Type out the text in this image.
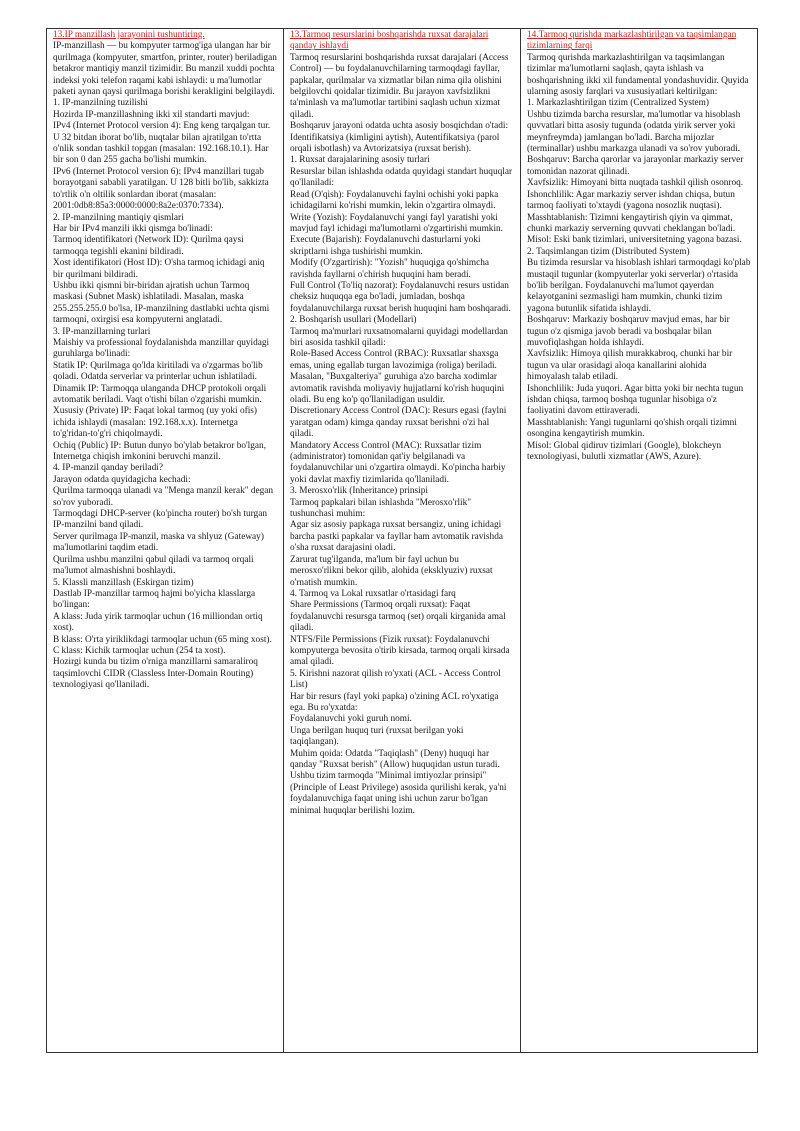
13.IP manzillash jarayonini tushuntiring.
IP-manzillash — bu kompyuter tarmog'iga ulangan har bir qurilmaga (kompyuter, smartfon, printer, router) beriladigan betakror mantiqiy manzil tizimidir. Bu manzil xuddi pochta indeksi yoki telefon raqami kabi ishlaydi: u ma'lumotlar paketi aynan qaysi qurilmaga borishi kerakligini belgilaydi.
1. IP-manzilning tuzilishi
Hozirda IP-manzillashning ikki xil standarti mavjud:
IPv4 (Internet Protocol version 4): Eng keng tarqalgan tur. U 32 bitdan iborat bo'lib, nuqtalar bilan ajratilgan to'rtta o'nlik sondan tashkil topgan (masalan: 192.168.10.1). Har bir son 0 dan 255 gacha bo'lishi mumkin.
IPv6 (Internet Protocol version 6): IPv4 manzillari tugab borayotgani sababli yaratilgan. U 128 bitli bo'lib, sakkizta to'rtlik o'n oltilik sonlardan iborat (masalan: 2001:0db8:85a3:0000:0000:8a2e:0370:7334).
2. IP-manzilning mantiqiy qismlari
Har bir IPv4 manzili ikki qismga bo'linadi:
Tarmoq identifikatori (Network ID): Qurilma qaysi tarmoqqa tegishli ekanini bildiradi.
Xost identifikatori (Host ID): O'sha tarmoq ichidagi aniq bir qurilmani bildiradi.
Ushbu ikki qismni bir-biridan ajratish uchun Tarmoq maskasi (Subnet Mask) ishlatiladi. Masalan, maska 255.255.255.0 bo'lsa, IP-manzilning dastlabki uchta qismi tarmoqni, oxirgisi esa kompyuterni anglatadi.
3. IP-manzillarning turlari
Maishiy va professional foydalanishda manzillar quyidagi guruhlarga bo'linadi:
Statik IP: Qurilmaga qo'lda kiritiladi va o'zgarmas bo'lib qoladi. Odatda serverlar va printerlar uchun ishlatiladi.
Dinamik IP: Tarmoqqa ulanganda DHCP protokoli orqali avtomatik beriladi. Vaqt o'tishi bilan o'zgarishi mumkin.
Xususiy (Private) IP: Faqat lokal tarmoq (uy yoki ofis) ichida ishlaydi (masalan: 192.168.x.x). Internetga to'g'ridan-to'g'ri chiqolmaydi.
Ochiq (Public) IP: Butun dunyo bo'ylab betakror bo'lgan, Internetga chiqish imkonini beruvchi manzil.
4. IP-manzil qanday beriladi?
Jarayon odatda quyidagicha kechadi:
Qurilma tarmoqqa ulanadi va "Menga manzil kerak" degan so'rov yuboradi.
Tarmoqdagi DHCP-server (ko'pincha router) bo'sh turgan IP-manzilni band qiladi.
Server qurilmaga IP-manzil, maska va shlyuz (Gateway) ma'lumotlarini taqdim etadi.
Qurilma ushbu manzilni qabul qiladi va tarmoq orqali ma'lumot almashishni boshlaydi.
5. Klassli manzillash (Eskirgan tizim)
Dastlab IP-manzillar tarmoq hajmi bo'yicha klasslarga bo'lingan:
A klass: Juda yirik tarmoqlar uchun (16 milliondan ortiq xost).
B klass: O'rta yiriklikdagi tarmoqlar uchun (65 ming xost).
C klass: Kichik tarmoqlar uchun (254 ta xost).
Hozirgi kunda bu tizim o'rniga manzillarni samaraliroq taqsimlovchi CIDR (Classless Inter-Domain Routing) texnologiyasi qo'llaniladi.
13.Tarmoq resurslarini boshqarishda ruxsat darajalari qanday ishlaydi
Tarmoq resurslarini boshqarishda ruxsat darajalari (Access Control) — bu foydalanuvchilarning tarmoqdagi fayllar, papkalar, qurilmalar va xizmatlar bilan nima qila olishini belgilovchi qoidalar tizimidir. Bu jarayon xavfsizlikni ta'minlash va ma'lumotlar tartibini saqlash uchun xizmat qiladi.
Boshqaruv jarayoni odatda uchta asosiy bosqichdan o'tadi: Identifikatsiya (kimligini aytish), Autentifikatsiya (parol orqali isbotlash) va Avtorizatsiya (ruxsat berish).
1. Ruxsat darajalarining asosiy turlari
Resurslar bilan ishlashda odatda quyidagi standart huquqlar qo'llaniladi:
Read (O'qish): Foydalanuvchi faylni ochishi yoki papka ichidagilarni ko'rishi mumkin, lekin o'zgartira olmaydi.
Write (Yozish): Foydalanuvchi yangi fayl yaratishi yoki mavjud fayl ichidagi ma'lumotlarni o'zgartirishi mumkin.
Execute (Bajarish): Foydalanuvchi dasturlarni yoki skriptlarni ishga tushirishi mumkin.
Modify (O'zgartirish): "Yozish" huquqiga qo'shimcha ravishda fayllarni o'chirish huquqini ham beradi.
Full Control (To'liq nazorat): Foydalanuvchi resurs ustidan cheksiz huquqqa ega bo'ladi, jumladan, boshqa foydalanuvchilarga ruxsat berish huquqini ham boshqaradi.
2. Boshqarish usullari (Modellari)
Tarmoq ma'murlari ruxsatnomalarni quyidagi modellardan biri asosida tashkil qiladi:
Role-Based Access Control (RBAC): Ruxsatlar shaxsga emas, uning egallab turgan lavozimiga (roliga) beriladi. Masalan, "Buxgalteriya" guruhiga a'zo barcha xodimlar avtomatik ravishda moliyaviy hujjatlarni ko'rish huquqini oladi. Bu eng ko'p qo'llaniladigan usuldir.
Discretionary Access Control (DAC): Resurs egasi (faylni yaratgan odam) kimga qanday ruxsat berishni o'zi hal qiladi.
Mandatory Access Control (MAC): Ruxsatlar tizim (administrator) tomonidan qat'iy belgilanadi va foydalanuvchilar uni o'zgartira olmaydi. Ko'pincha harbiy yoki davlat maxfiy tizimlarida qo'llaniladi.
3. Merosxo'rlik (Inheritance) prinsipi
Tarmoq papkalari bilan ishlashda "Merosxo'rlik" tushunchasi muhim:
Agar siz asosiy papkaga ruxsat bersangiz, uning ichidagi barcha pastki papkalar va fayllar ham avtomatik ravishda o'sha ruxsat darajasini oladi.
Zarurat tug'ilganda, ma'lum bir fayl uchun bu merosxo'rlikni bekor qilib, alohida (eksklyuziv) ruxsat o'rnatish mumkin.
4. Tarmoq va Lokal ruxsatlar o'rtasidagi farq
Share Permissions (Tarmoq orqali ruxsat): Faqat foydalanuvchi resursga tarmoq (set) orqali kirganida amal qiladi.
NTFS/File Permissions (Fizik ruxsat): Foydalanuvchi kompyuterga bevosita o'tirib kirsada, tarmoq orqali kirsada amal qiladi.
5. Kirishni nazorat qilish ro'yxati (ACL - Access Control List)
Har bir resurs (fayl yoki papka) o'zining ACL ro'yxatiga ega. Bu ro'yxatda:
Foydalanuvchi yoki guruh nomi.
Unga berilgan huquq turi (ruxsat berilgan yoki taqiqlangan).
Muhim qoida: Odatda "Taqiqlash" (Deny) huquqi har qanday "Ruxsat berish" (Allow) huquqidan ustun turadi.
Ushbu tizim tarmoqda "Minimal imtiyozlar prinsipi" (Principle of Least Privilege) asosida qurilishi kerak, ya'ni foydalanuvchiga faqat uning ishi uchun zarur bo'lgan minimal huquqlar berilishi lozim.
14.Tarmoq qurishda markazlashtirilgan va taqsimlangan tizimlarning farqi
Tarmoq qurishda markazlashtirilgan va taqsimlangan tizimlar ma'lumotlarni saqlash, qayta ishlash va boshqarishning ikki xil fundamental yondashuvidir. Quyida ularning asosiy farqlari va xususiyatlari keltirilgan:
1. Markazlashtirilgan tizim (Centralized System)
Ushbu tizimda barcha resurslar, ma'lumotlar va hisoblash quvvatlari bitta asosiy tugunda (odatda yirik server yoki meynfreymda) jamlangan bo'ladi. Barcha mijozlar (terminallar) ushbu markazga ulanadi va so'rov yuboradi.
Boshqaruv: Barcha qarorlar va jarayonlar markaziy server tomonidan nazorat qilinadi.
Xavfsizlik: Himoyani bitta nuqtada tashkil qilish osonroq.
Ishonchlilik: Agar markaziy server ishdan chiqsa, butun tarmoq faoliyati to'xtaydi (yagona nosozlik nuqtasi).
Masshtablanish: Tizimni kengaytirish qiyin va qimmat, chunki markaziy serverning quvvati cheklangan bo'ladi.
Misol: Eski bank tizimlari, universitetning yagona bazasi.
2. Taqsimlangan tizim (Distributed System)
Bu tizimda resurslar va hisoblash ishlari tarmoqdagi ko'plab mustaqil tugunlar (kompyuterlar yoki serverlar) o'rtasida bo'lib berilgan. Foydalanuvchi ma'lumot qayerdan kelayotganini sezmasligi ham mumkin, chunki tizim yagona butunlik sifatida ishlaydi.
Boshqaruv: Markaziy boshqaruv mavjud emas, har bir tugun o'z qismiga javob beradi va boshqalar bilan muvofiqlashgan holda ishlaydi.
Xavfsizlik: Himoya qilish murakkabroq, chunki har bir tugun va ular orasidagi aloqa kanallarini alohida himoyalash talab etiladi.
Ishonchlilik: Juda yuqori. Agar bitta yoki bir nechta tugun ishdan chiqsa, tarmoq boshqa tugunlar hisobiga o'z faoliyatini davom ettiraveradi.
Masshtablanish: Yangi tugunlarni qo'shish orqali tizimni osongina kengaytirish mumkin.
Misol: Global qidiruv tizimlari (Google), blokcheyn texnologiyasi, bulutli xizmatlar (AWS, Azure).
